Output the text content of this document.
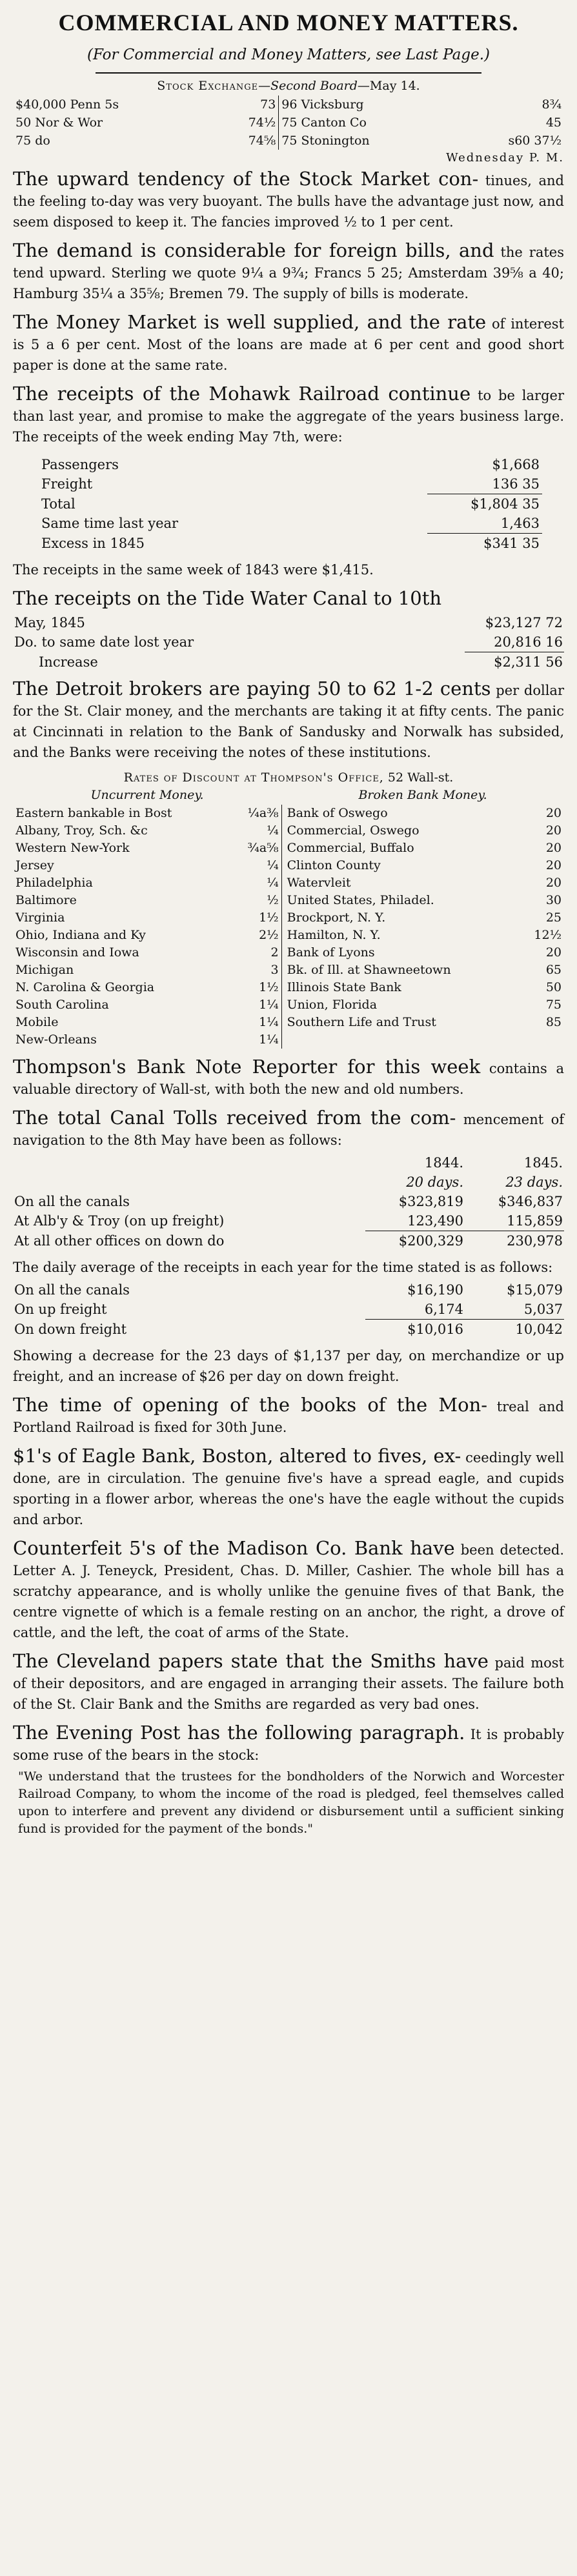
COMMERCIAL AND MONEY MATTERS.
(For Commercial and Money Matters, see Last Page.)
Stock Exchange—Second Board—May 14.
$40,000 Penn 5s	73	96 Vicksburg	8¾
50 Nor & Wor	74½	75 Canton Co	45
75 do	74⅝	75 Stonington	s60 37½
Wednesday P. M.

The upward tendency of the Stock Market con- tinues, and the feeling to-day was very buoyant. The bulls have the advantage just now, and seem disposed to keep it. The fancies improved ½ to 1 per cent.

The demand is considerable for foreign bills, and the rates tend upward. Sterling we quote 9¼ a 9¾; Francs 5 25; Amsterdam 39⅝ a 40; Hamburg 35¼ a 35⅝; Bremen 79. The supply of bills is moderate.

The Money Market is well supplied, and the rate of interest is 5 a 6 per cent. Most of the loans are made at 6 per cent and good short paper is done at the same rate.

The receipts of the Mohawk Railroad continue to be larger than last year, and promise to make the aggregate of the years business large. The receipts of the week ending May 7th, were:

Passengers	$1,668
Freight	136 35
Total	$1,804 35
Same time last year	1,463
Excess in 1845	$341 35

The receipts in the same week of 1843 were $1,415.

The receipts on the Tide Water Canal to 10th

May, 1845	$23,127 72
Do. to same date lost year	20,816 16
Increase	$2,311 56

The Detroit brokers are paying 50 to 62 1-2 cents per dollar for the St. Clair money, and the merchants are taking it at fifty cents. The panic at Cincinnati in relation to the Bank of Sandusky and Norwalk has subsided, and the Banks were receiving the notes of these institutions.

Rates of Discount at Thompson's Office, 52 Wall-st.
Uncurrent Money.		Broken Bank Money.	
Eastern bankable in Bost	¼a⅜	Bank of Oswego	20
Albany, Troy, Sch. &c	¼	Commercial, Oswego	20
Western New-York	¾a⅝	Commercial, Buffalo	20
Jersey	¼	Clinton County	20
Philadelphia	¼	Watervleit	20
Baltimore	½	United States, Philadel.	30
Virginia	1½	Brockport, N. Y.	25
Ohio, Indiana and Ky	2½	Hamilton, N. Y.	12½
Wisconsin and Iowa	2	Bank of Lyons	20
Michigan	3	Bk. of Ill. at Shawneetown	65
N. Carolina & Georgia	1½	Illinois State Bank	50
South Carolina	1¼	Union, Florida	75
Mobile	1¼	Southern Life and Trust	85
New-Orleans	1¼		

Thompson's Bank Note Reporter for this week contains a valuable directory of Wall-st, with both the new and old numbers.

The total Canal Tolls received from the com- mencement of navigation to the 8th May have been as follows:

	1844.	1845.
	20 days.	23 days.
On all the canals	$323,819	$346,837
At Alb'y & Troy (on up freight)	123,490	115,859
At all other offices on down do	$200,329	230,978

The daily average of the receipts in each year for the time stated is as follows:

On all the canals	$16,190	$15,079
On up freight	6,174	5,037
On down freight	$10,016	10,042

Showing a decrease for the 23 days of $1,137 per day, on merchandize or up freight, and an increase of $26 per day on down freight.

The time of opening of the books of the Mon- treal and Portland Railroad is fixed for 30th June.

$1's of Eagle Bank, Boston, altered to fives, ex- ceedingly well done, are in circulation. The genuine five's have a spread eagle, and cupids sporting in a flower arbor, whereas the one's have the eagle without the cupids and arbor.

Counterfeit 5's of the Madison Co. Bank have been detected. Letter A. J. Teneyck, President, Chas. D. Miller, Cashier. The whole bill has a scratchy appearance, and is wholly unlike the genuine fives of that Bank, the centre vignette of which is a female resting on an anchor, the right, a drove of cattle, and the left, the coat of arms of the State.

The Cleveland papers state that the Smiths have paid most of their depositors, and are engaged in arranging their assets. The failure both of the St. Clair Bank and the Smiths are regarded as very bad ones.

The Evening Post has the following paragraph. It is probably some ruse of the bears in the stock:

"We understand that the trustees for the bondholders of the Norwich and Worcester Railroad Company, to whom the income of the road is pledged, feel themselves called upon to interfere and prevent any dividend or disbursement until a sufficient sinking fund is provided for the payment of the bonds."
